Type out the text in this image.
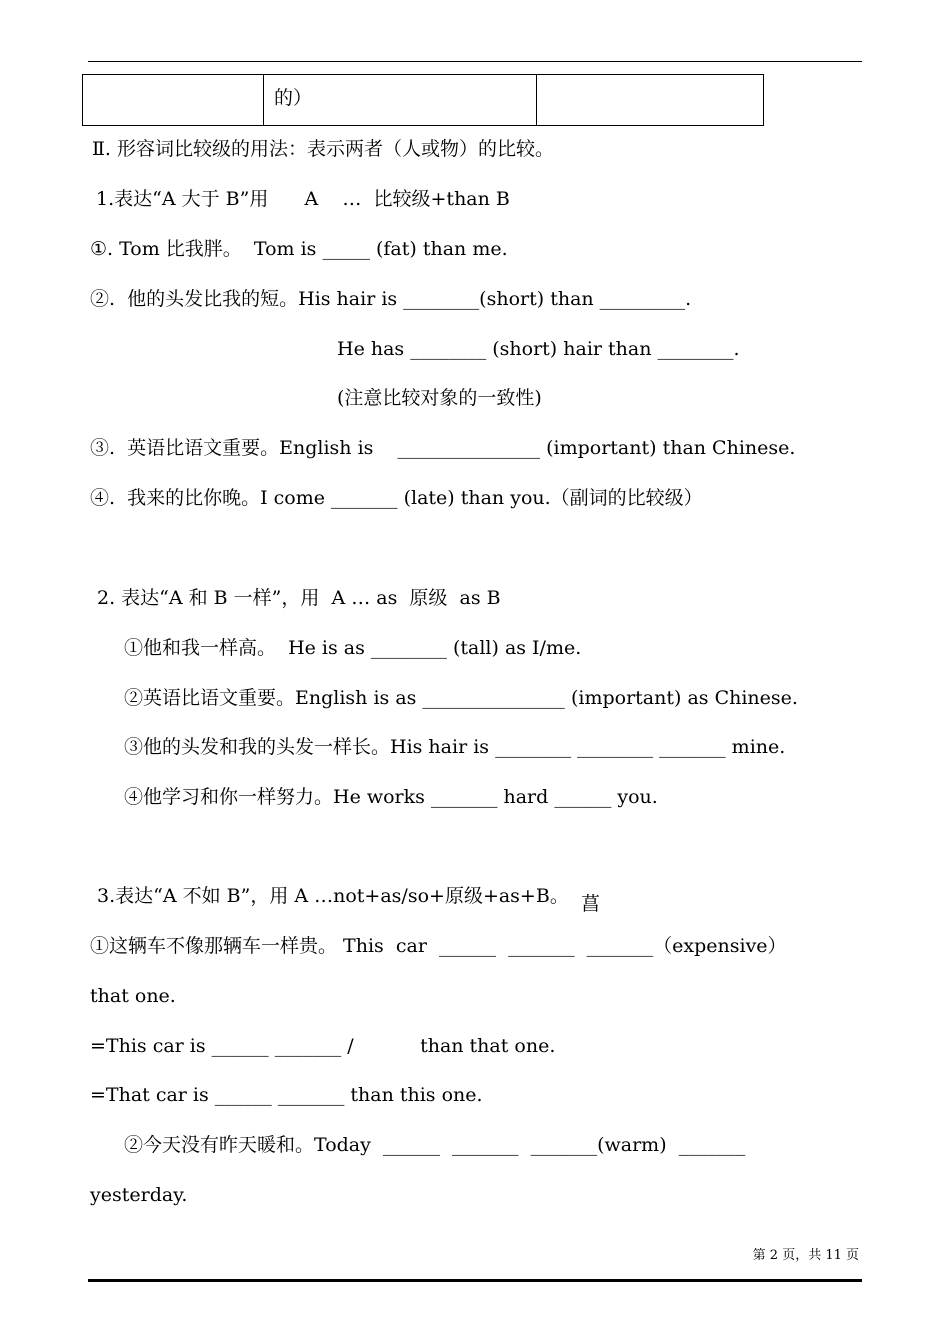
	的）	
Ⅱ. 形容词比较级的用法：表示两者（人或物）的比较。
1.表达“A 大于 B”用      A    …  比较级+than B
①. Tom 比我胖。  Tom is _____ (fat) than me.
②.  他的头发比我的短。His hair is ________(short) than _________.
He has ________ (short) hair than ________.
(注意比较对象的一致性)
③.  英语比语文重要。English is    _______________ (important) than Chinese.
④.  我来的比你晚。I come _______ (late) than you.（副词的比较级）
2. 表达“A 和 B 一样”，用  A … as  原级  as B
①他和我一样高。  He is as ________ (tall) as I/me.
②英语比语文重要。English is as _______________ (important) as Chinese.
③他的头发和我的头发一样长。His hair is ________ ________ _______ mine.
④他学习和你一样努力。He works _______ hard ______ you.
3.表达“A 不如 B”，用 A …not+as/so+原级+as+B。 菖
①这辆车不像那辆车一样贵。 This  car  ______  _______  _______（expensive）
that one.
=This car is ______ _______ /           than that one.
=That car is ______ _______ than this one.
②今天没有昨天暖和。Today  ______  _______  _______(warm)  _______
yesterday.
第 2 页，共 11 页
